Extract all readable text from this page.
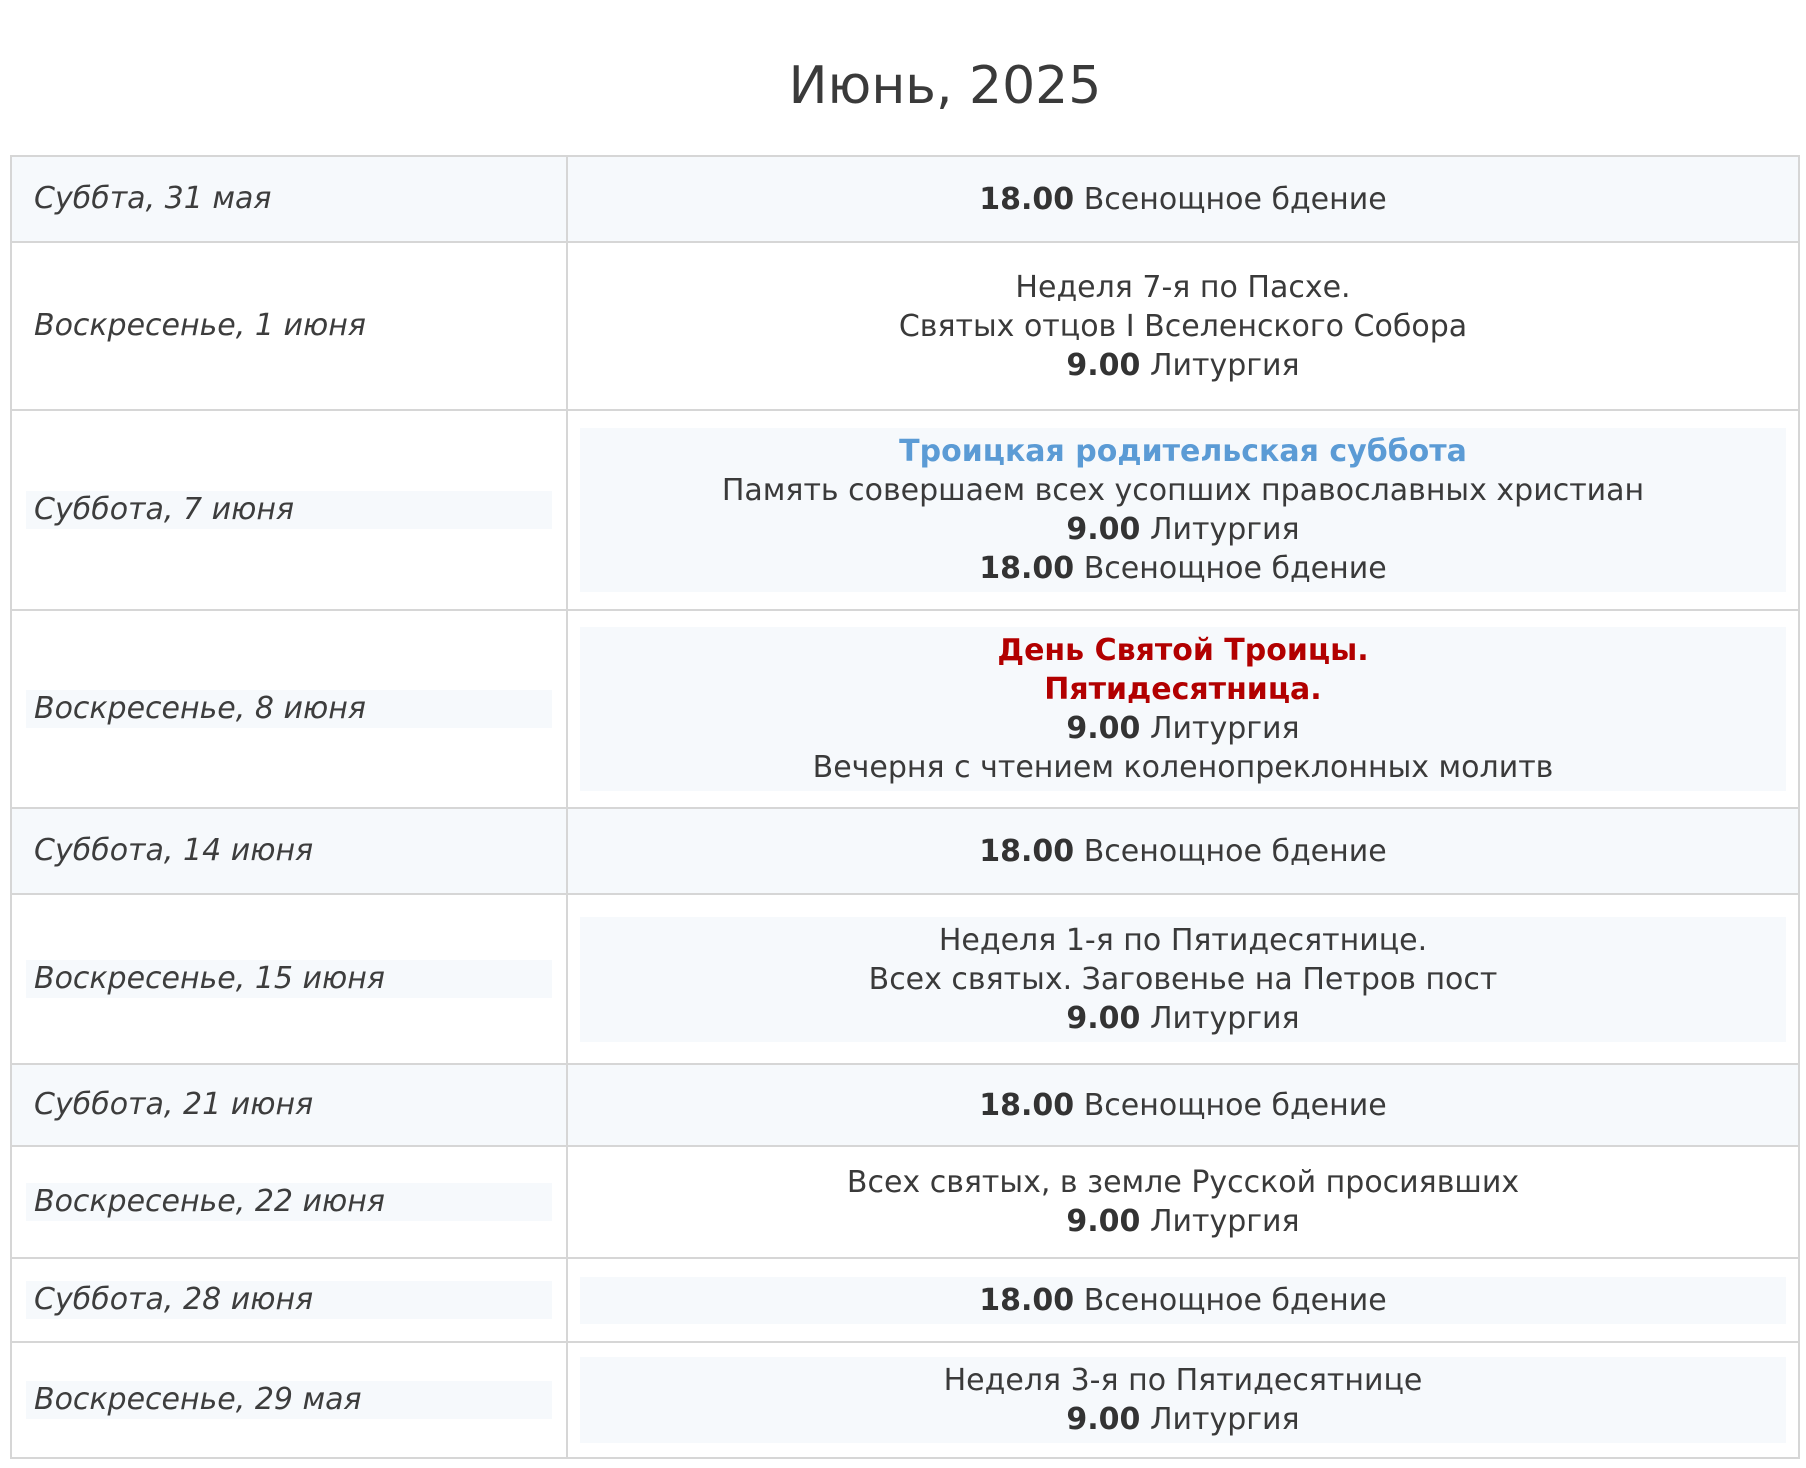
Июнь, 2025
Суббта, 31 мая	18.00 Всенощное бдение

Воскресенье, 1 июня	Неделя 7-я по Пасхе.
Святых отцов I Вселенского Собора
9.00 Литургия

Суббота, 7 июня	Троицкая родительская суббота
Память совершаем всех усопших православных христиан
9.00 Литургия
18.00 Всенощное бдение

Воскресенье, 8 июня	День Святой Троицы.
Пятидесятница.
9.00 Литургия
Вечерня с чтением коленопреклонных молитв

Суббота, 14 июня	18.00 Всенощное бдение

Воскресенье, 15 июня	Неделя 1-я по Пятидесятнице.
Всех святых. Заговенье на Петров пост
9.00 Литургия

Суббота, 21 июня	18.00 Всенощное бдение

Воскресенье, 22 июня	Всех святых, в земле Русской просиявших
9.00 Литургия

Суббота, 28 июня	18.00 Всенощное бдение

Воскресенье, 29 мая	Неделя 3-я по Пятидесятнице
9.00 Литургия
